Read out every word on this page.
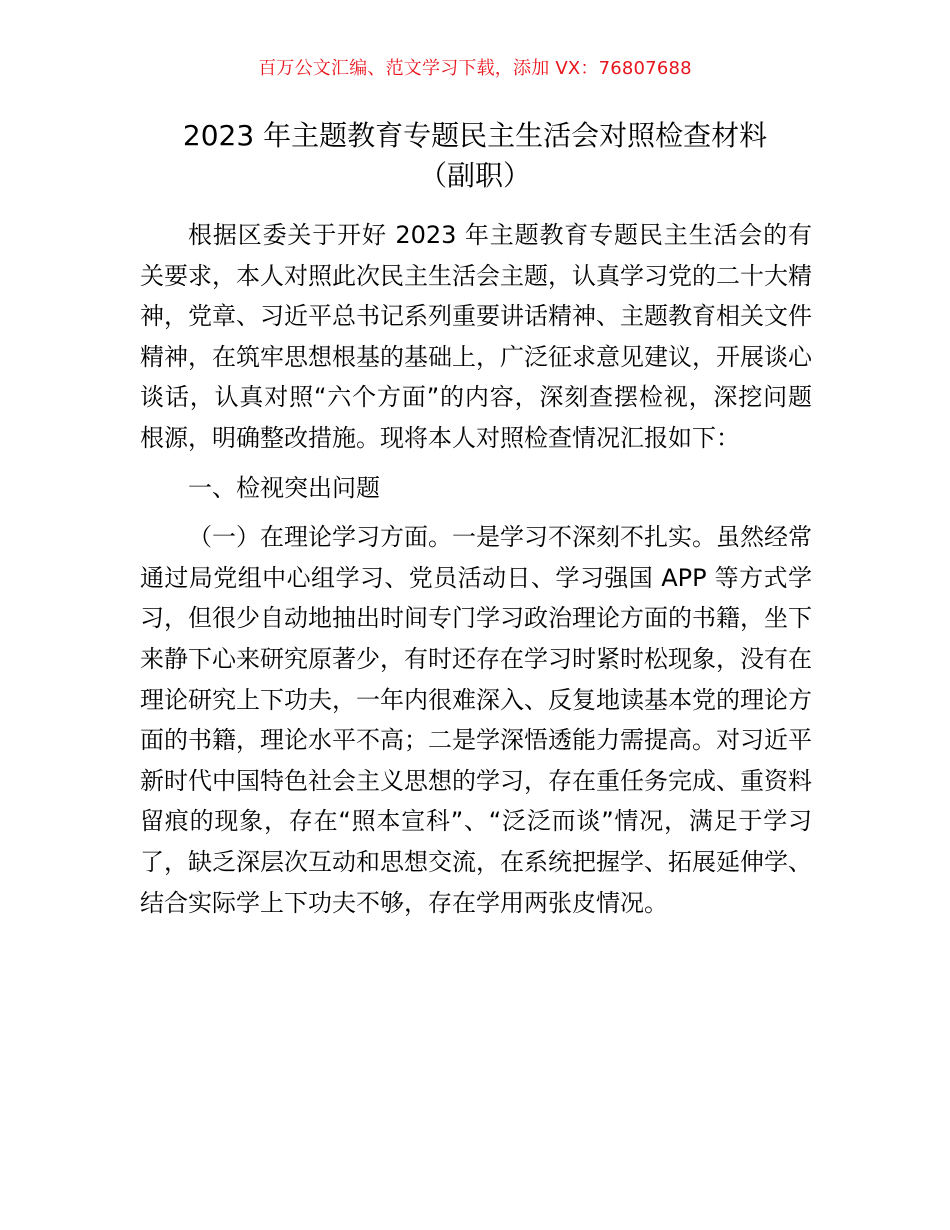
百万公文汇编、范文学习下载，添加 VX：76807688
2023 年主题教育专题民主生活会对照检查材料
（副职）

根据区委关于开好 2023 年主题教育专题民主生活会的有关要求，本人对照此次民主生活会主题，认真学习党的二十大精神，党章、习近平总书记系列重要讲话精神、主题教育相关文件精神，在筑牢思想根基的基础上，广泛征求意见建议，开展谈心谈话，认真对照“六个方面”的内容，深刻查摆检视，深挖问题根源，明确整改措施。现将本人对照检查情况汇报如下：

一、检视突出问题

（一）在理论学习方面。一是学习不深刻不扎实。虽然经常通过局党组中心组学习、党员活动日、学习强国 APP 等方式学习，但很少自动地抽出时间专门学习政治理论方面的书籍，坐下来静下心来研究原著少，有时还存在学习时紧时松现象，没有在理论研究上下功夫，一年内很难深入、反复地读基本党的理论方面的书籍，理论水平不高；二是学深悟透能力需提高。对习近平新时代中国特色社会主义思想的学习，存在重任务完成、重资料留痕的现象，存在“照本宣科”、“泛泛而谈”情况，满足于学习了，缺乏深层次互动和思想交流，在系统把握学、拓展延伸学、结合实际学上下功夫不够，存在学用两张皮情况。
